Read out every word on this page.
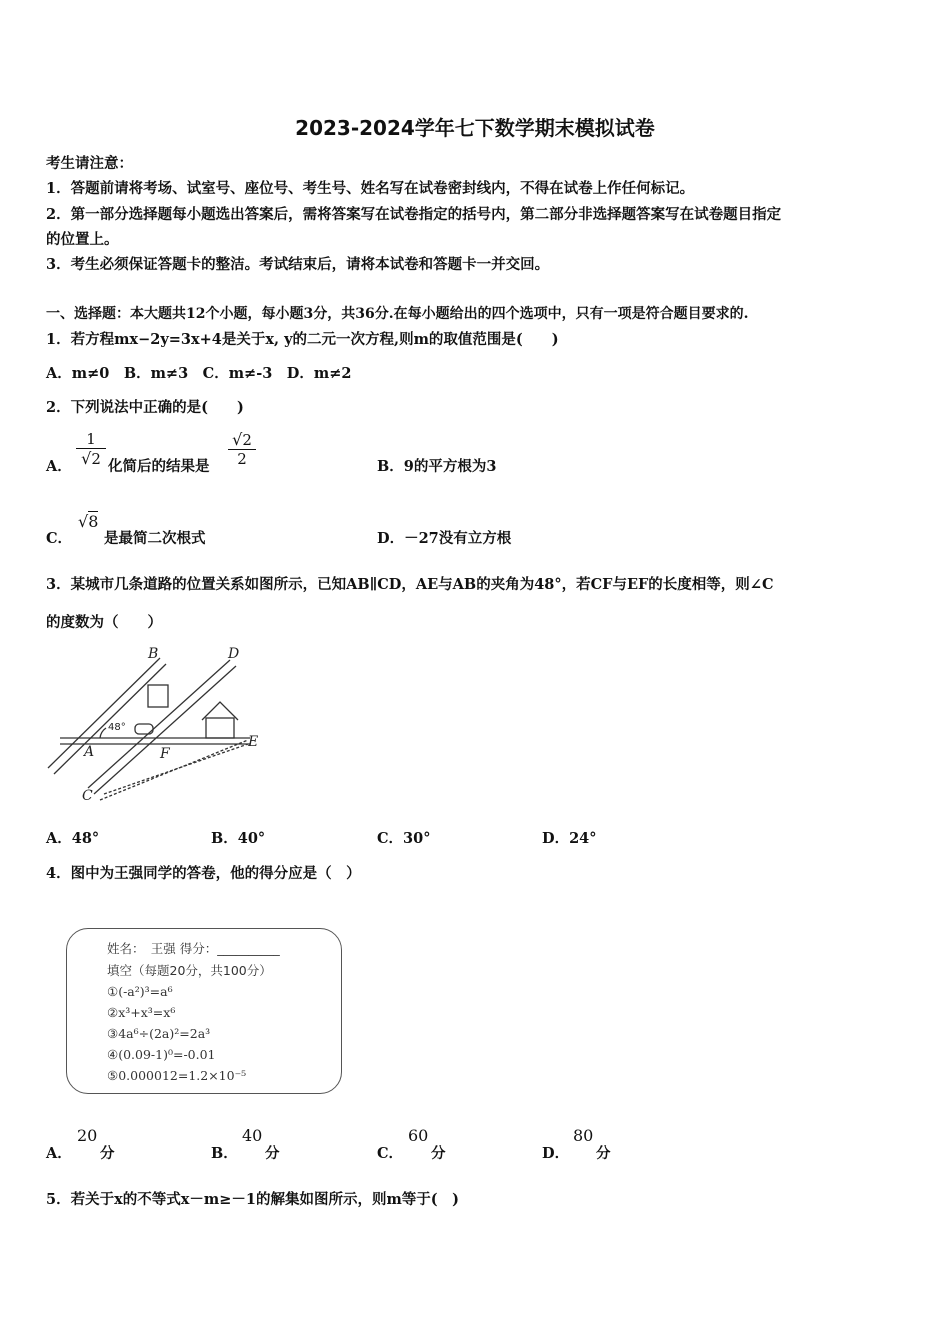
2023-2024学年七下数学期末模拟试卷
考生请注意：
1．答题前请将考场、试室号、座位号、考生号、姓名写在试卷密封线内，不得在试卷上作任何标记。
2．第一部分选择题每小题选出答案后，需将答案写在试卷指定的括号内，第二部分非选择题答案写在试卷题目指定
的位置上。
3．考生必须保证答题卡的整洁。考试结束后，请将本试卷和答题卡一并交回。
一、选择题：本大题共12个小题，每小题3分，共36分.在每小题给出的四个选项中，只有一项是符合题目要求的.
1．若方程mx−2y=3x+4是关于x, y的二元一次方程,则m的取值范围是(　　)
A．m≠0　B．m≠3　C．m≠-3　D．m≠2
2．下列说法中正确的是(　　)
A． $\frac{1}{√2}$ 化简后的结果是 $\frac{√2}{2}$	B．9的平方根为3
C．
√8
是最简二次根式	D．－27没有立方根
3．某城市几条道路的位置关系如图所示，已知AB∥CD，AE与AB的夹角为48°，若CF与EF的长度相等，则∠C
的度数为（　　）
B	D
A	F
E
C
48°
A．48°	B．40°	C．30°	D．24°
4．图中为王强同学的答卷，他的得分应是（　）
姓名：　王强 得分：__________
填空（每题20分，共100分）
①(-a²)³=a⁶
②x³+x³=x⁶
③4a⁶÷(2a)²=2a³
④(0.09-1)⁰=-0.01
⑤0.000012=1.2×10⁻⁵
A．
20
分	B．
40
分	C．
60
分	D．
80
分
5．若关于x的不等式x－m≥－1的解集如图所示，则m等于(　)
